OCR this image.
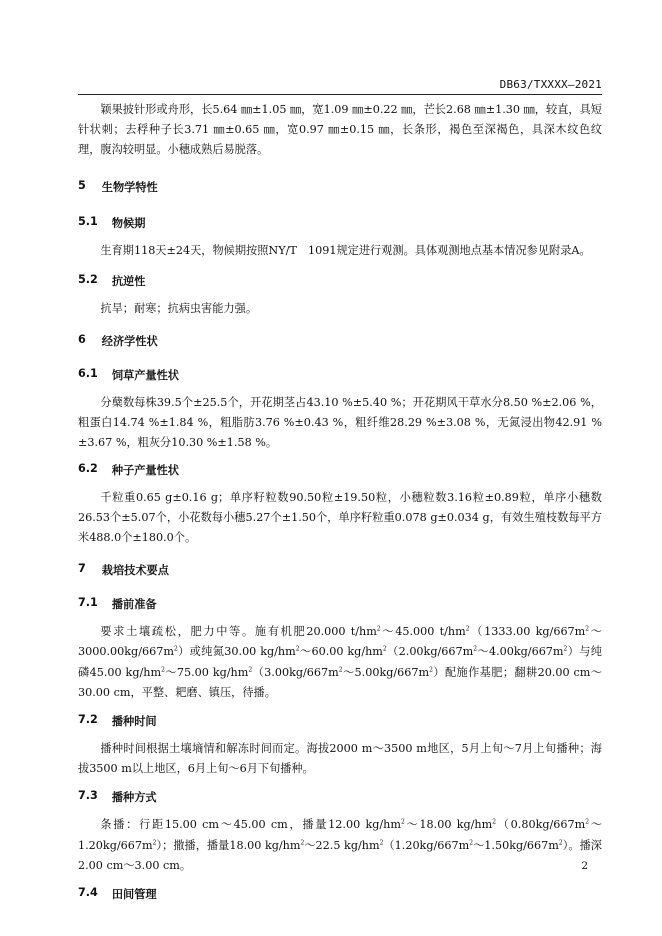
DB63/TXXXX—2021

颖果披针形或舟形，长5.64 ㎜±1.05 ㎜，宽1.09 ㎜±0.22 ㎜，芒长2.68 ㎜±1.30 ㎜，较直，具短针状刺；去稃种子长3.71 ㎜±0.65 ㎜，宽0.97 ㎜±0.15 ㎜，长条形，褐色至深褐色，具深木纹色纹理，腹沟较明显。小穗成熟后易脱落。

5 生物学特性
5.1 物候期

生育期118天±24天，物候期按照NY/T　1091规定进行观测。具体观测地点基本情况参见附录A。

5.2 抗逆性

抗旱；耐寒；抗病虫害能力强。

6 经济学性状
6.1 饲草产量性状

分蘖数每株39.5个±25.5个，开花期茎占43.10 %±5.40 %；开花期风干草水分8.50 %±2.06 %，粗蛋白14.74 %±1.84 %，粗脂肪3.76 %±0.43 %，粗纤维28.29 %±3.08 %，无氮浸出物42.91 %±3.67 %，粗灰分10.30 %±1.58 %。

6.2 种子产量性状

千粒重0.65 g±0.16 g；单序籽粒数90.50粒±19.50粒，小穗粒数3.16粒±0.89粒，单序小穗数26.53个±5.07个，小花数每小穗5.27个±1.50个，单序籽粒重0.078 g±0.034 g，有效生殖枝数每平方米488.0个±180.0个。

7 栽培技术要点
7.1 播前准备

要求土壤疏松，肥力中等。施有机肥20.000 $t/hm^2\sim 45.000$ $t/hm^2(1333.00$ $kg/667m^2\sim 3000.00kg/667m^2$）或纯氮30.00 $kg/hm^2\sim 60.00$ $kg/hm^2(2.00kg/667m^2\sim 4.00kg/667m^2)$与纯磷45.00 $kg/hm^2\sim 75.00$ $kg/hm^2(3.00kg/667m^2\sim 5.00kg/667m^2)$配施作基肥；翻耕20.00 cm～30.00 cm，平整、耙磨、镇压，待播。

7.2 播种时间

播种时间根据土壤墒情和解冻时间而定。海拔2000 m～3500 m地区，5月上旬～7月上旬播种；海拔3500 m以上地区，6月上旬～6月下旬播种。

7.3 播种方式

条播：行距15.00 cm～45.00 cm，播量12.00 $kg/hm^2\sim 18.00$ $kg/hm^2(0.80kg/667m^2\sim 1.20kg/667m^2)$；撒播，播量18.00 $kg/hm^2\sim 22.5$ $kg/hm^2(1.20kg/667m^2\sim 1.50kg/667m^2)$。播深2.00 cm～3.00 cm。

7.4 田间管理
2
